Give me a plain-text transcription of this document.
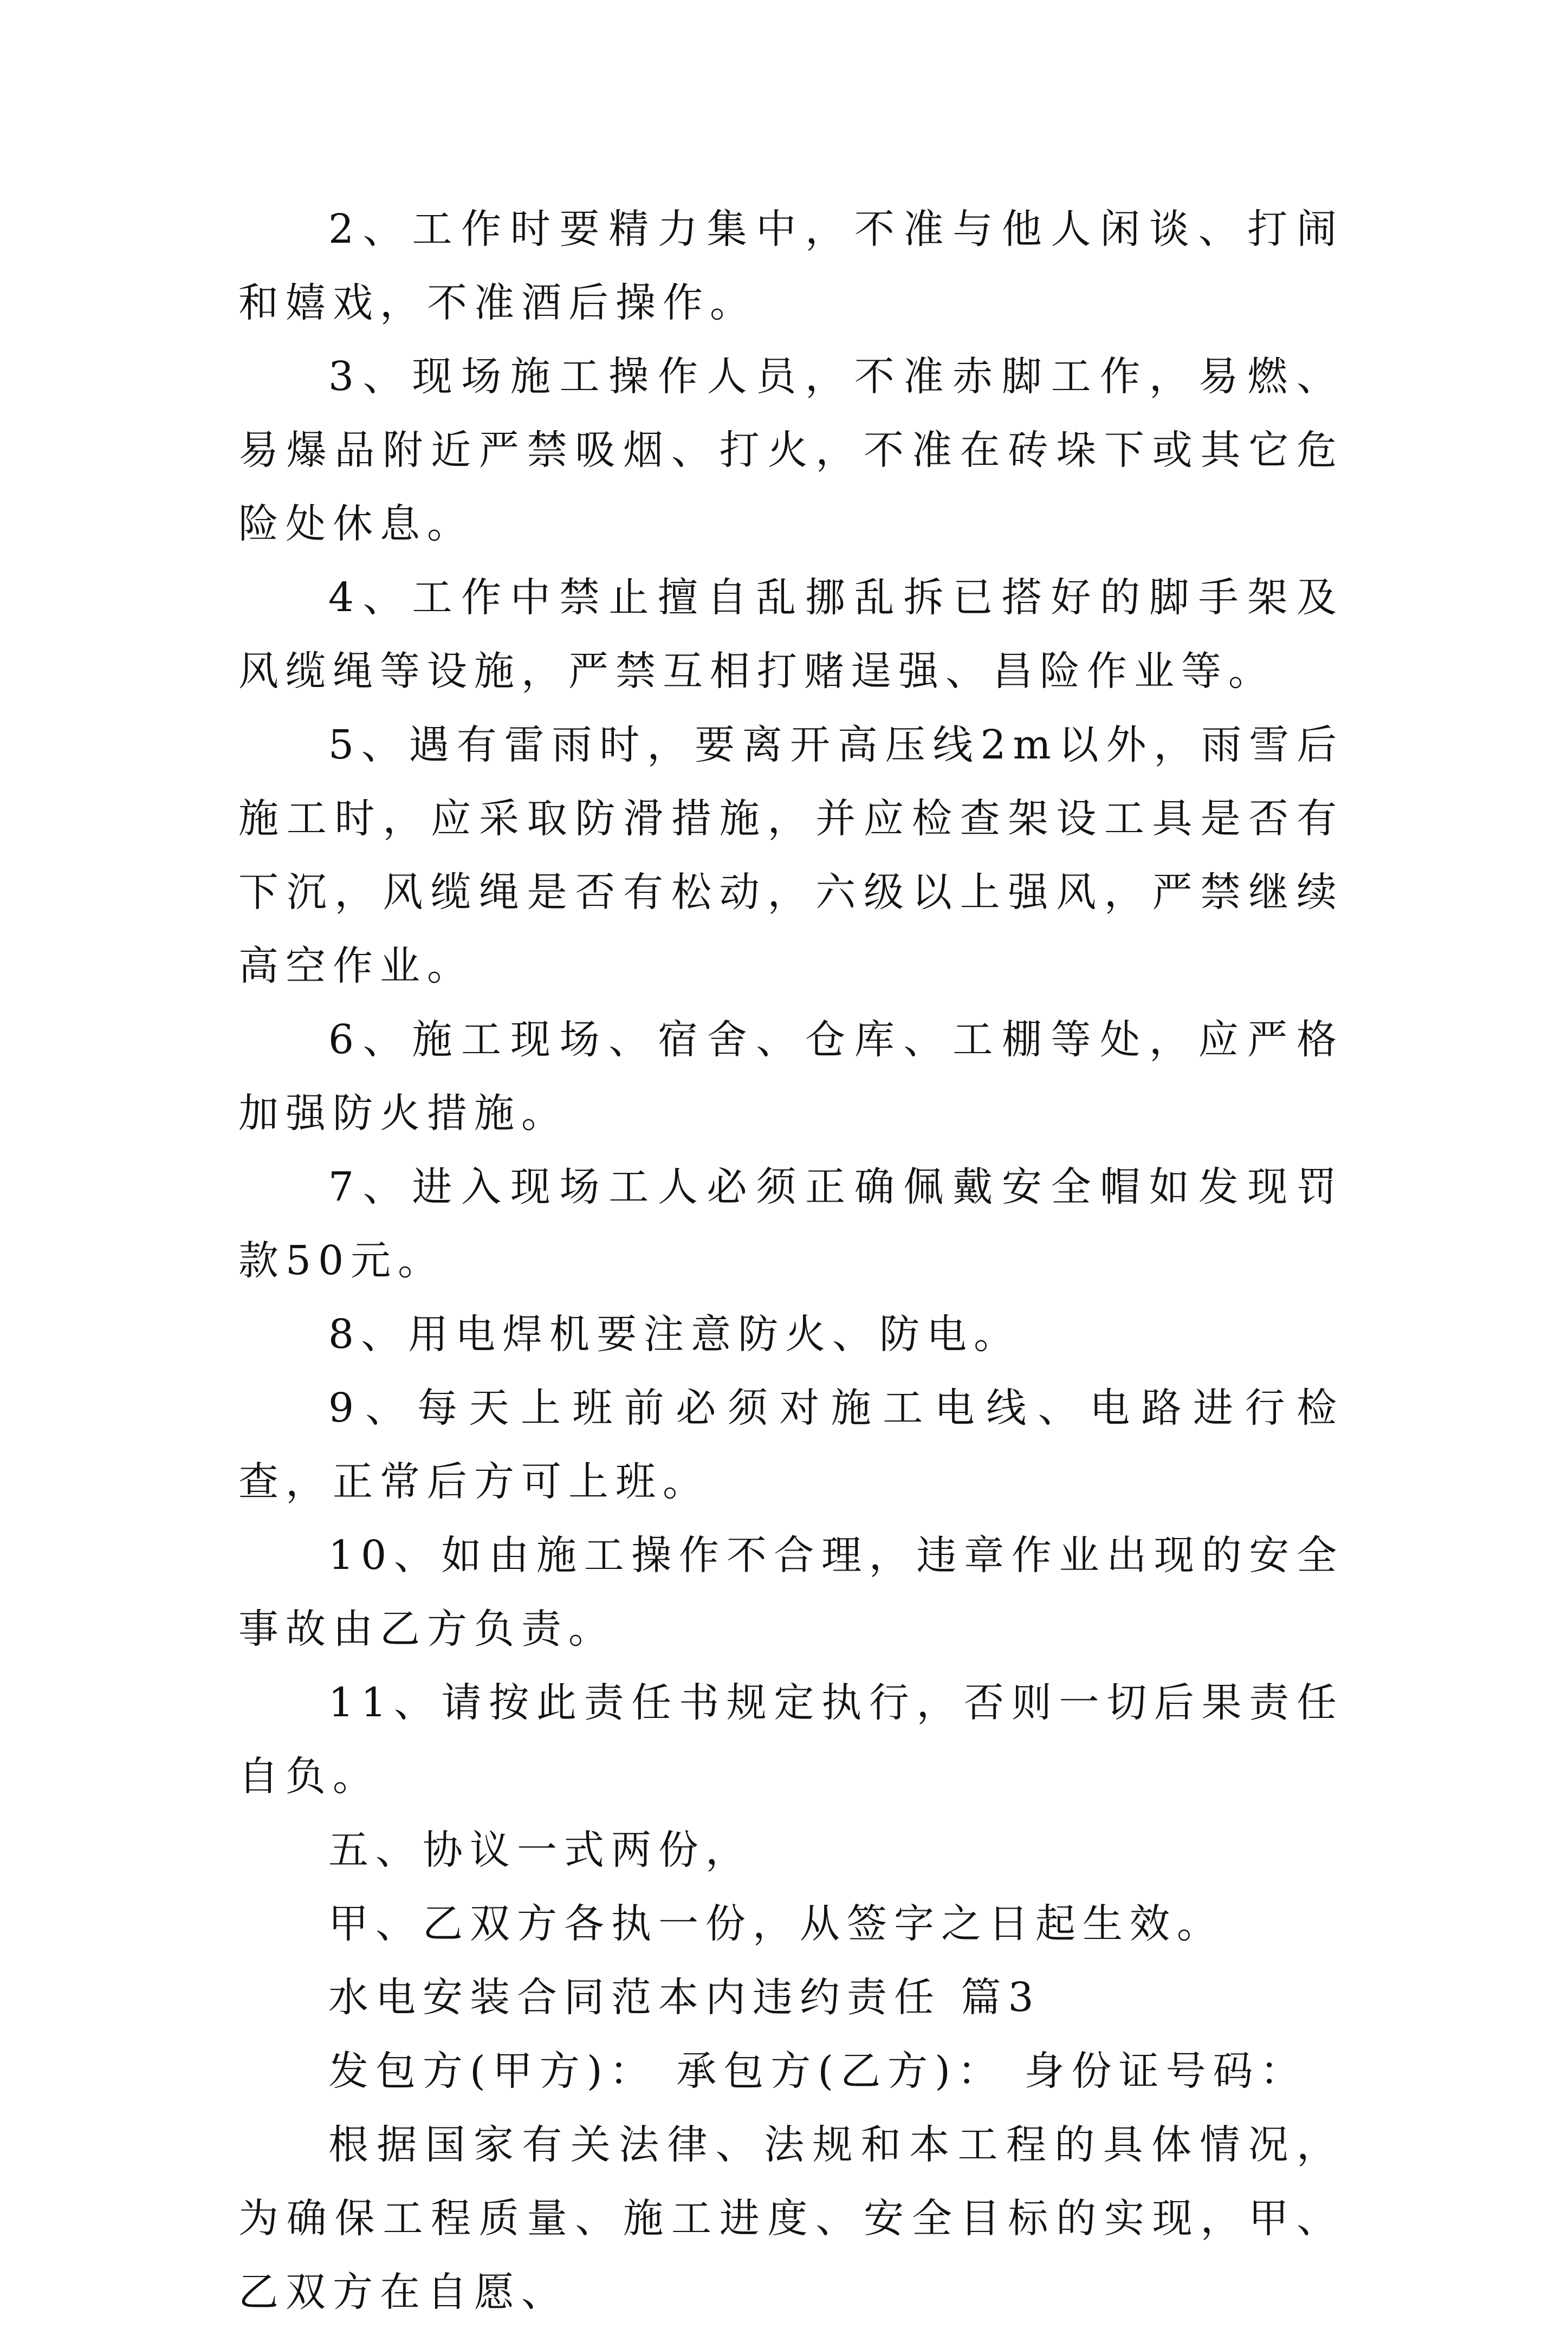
2、工作时要精力集中，不准与他人闲谈、打闹和嬉戏，不准酒后操作。

3、现场施工操作人员，不准赤脚工作，易燃、易爆品附近严禁吸烟、打火，不准在砖垛下或其它危险处休息。

4、工作中禁止擅自乱挪乱拆已搭好的脚手架及风缆绳等设施，严禁互相打赌逞强、昌险作业等。

5、遇有雷雨时，要离开高压线2m以外，雨雪后施工时，应采取防滑措施，并应检查架设工具是否有下沉，风缆绳是否有松动，六级以上强风，严禁继续高空作业。

6、施工现场、宿舍、仓库、工棚等处，应严格加强防火措施。

7、进入现场工人必须正确佩戴安全帽如发现罚款50元。

8、用电焊机要注意防火、防电。

9、每天上班前必须对施工电线、电路进行检查，正常后方可上班。

10、如由施工操作不合理，违章作业出现的安全事故由乙方负责。

11、请按此责任书规定执行，否则一切后果责任自负。

五、协议一式两份，

甲、乙双方各执一份，从签字之日起生效。

水电安装合同范本内违约责任 篇3

发包方(甲方)： 承包方(乙方)： 身份证号码：

根据国家有关法律、法规和本工程的具体情况，为确保工程质量、施工进度、安全目标的实现，甲、乙双方在自愿、
